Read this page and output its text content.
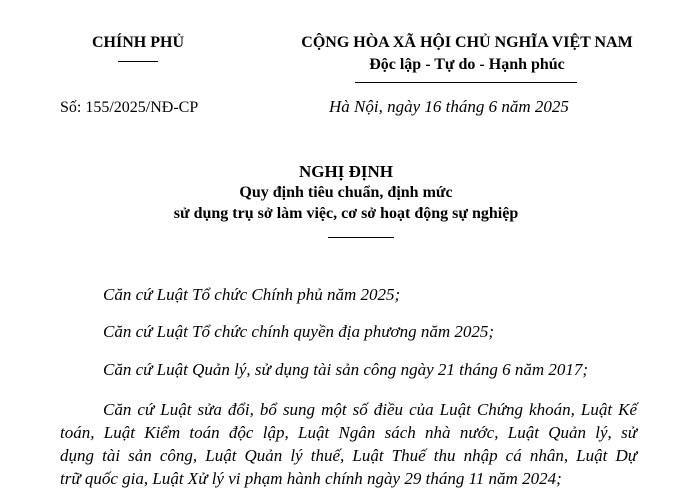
CHÍNH PHỦ	CỘNG HÒA XÃ HỘI CHỦ NGHĨA VIỆT NAM
Độc lập - Tự do - Hạnh phúc
Số: 155/2025/NĐ-CP	Hà Nội, ngày 16 tháng 6 năm 2025
NGHỊ ĐỊNH
Quy định tiêu chuẩn, định mức
sử dụng trụ sở làm việc, cơ sở hoạt động sự nghiệp
Căn cứ Luật Tổ chức Chính phủ năm 2025;
Căn cứ Luật Tổ chức chính quyền địa phương năm 2025;
Căn cứ Luật Quản lý, sử dụng tài sản công ngày 21 tháng 6 năm 2017;
Căn cứ Luật sửa đổi, bổ sung một số điều của Luật Chứng khoán, Luật Kế
toán, Luật Kiểm toán độc lập, Luật Ngân sách nhà nước, Luật Quản lý, sử
dụng tài sản công, Luật Quản lý thuế, Luật Thuế thu nhập cá nhân, Luật Dự
trữ quốc gia, Luật Xử lý vi phạm hành chính ngày 29 tháng 11 năm 2024;
